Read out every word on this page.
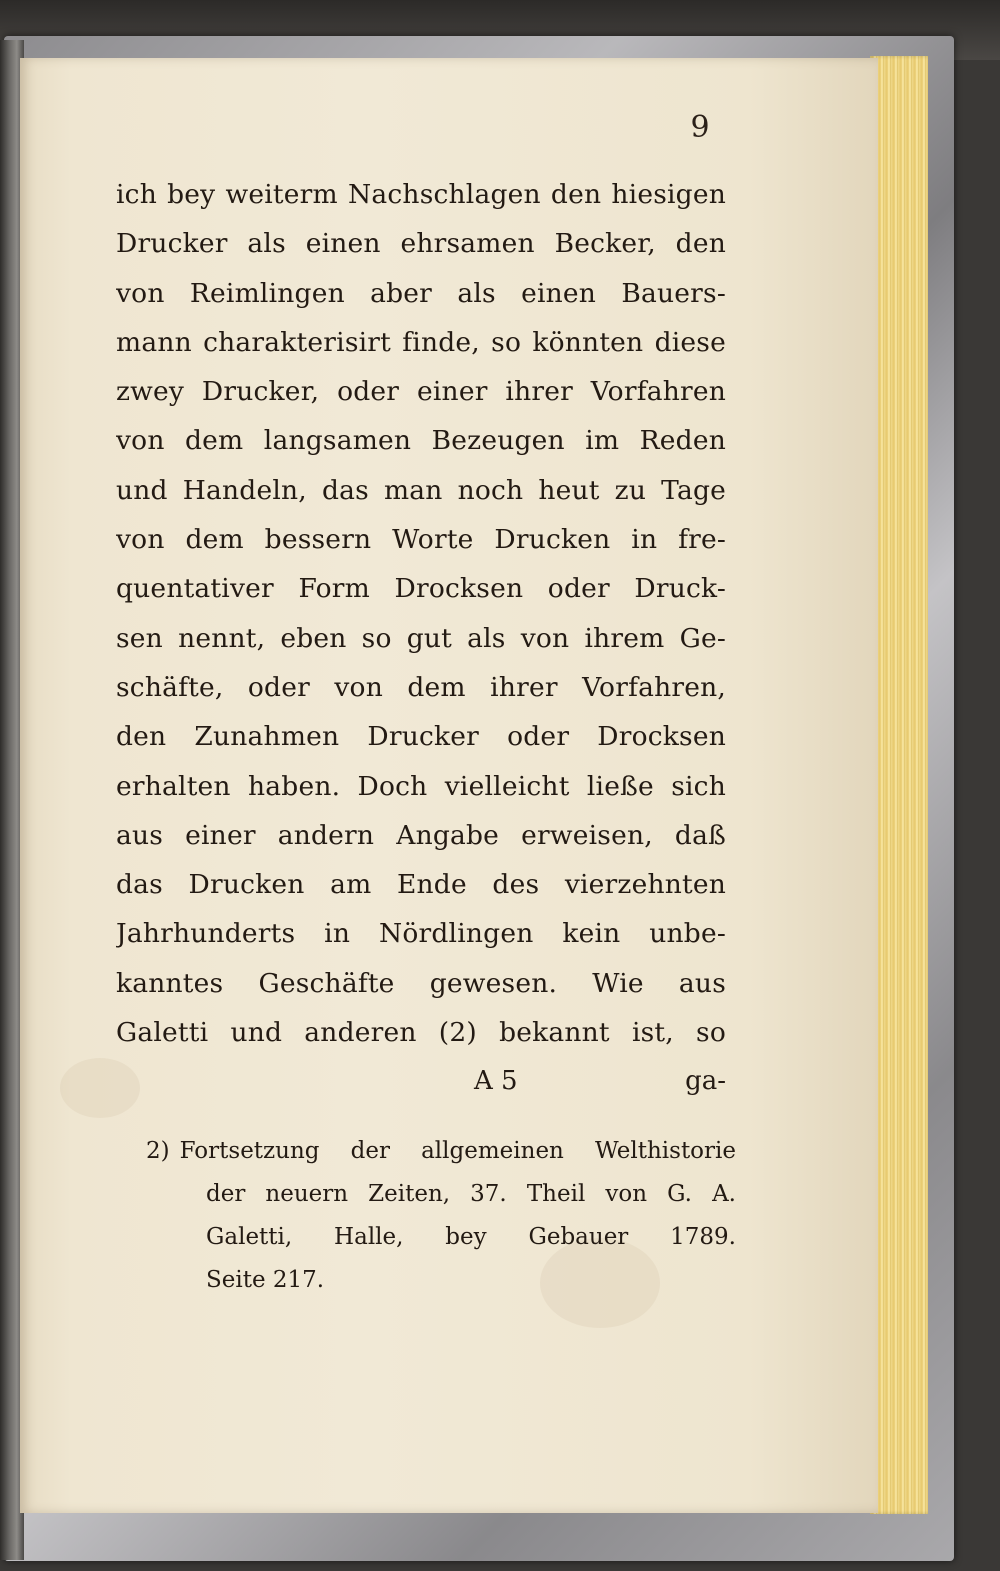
9
ich bey weiterm Nachschlagen den hiesigen
Drucker als einen ehrsamen Becker, den
von Reimlingen aber als einen Bauers-
mann charakterisirt finde, so könnten diese
zwey Drucker, oder einer ihrer Vorfahren
von dem langsamen Bezeugen im Reden
und Handeln, das man noch heut zu Tage
von dem bessern Worte Drucken in fre-
quentativer Form Drocksen oder Druck-
sen nennt, eben so gut als von ihrem Ge-
schäfte, oder von dem ihrer Vorfahren,
den Zunahmen Drucker oder Drocksen
erhalten haben. Doch vielleicht ließe sich
aus einer andern Angabe erweisen, daß
das Drucken am Ende des vierzehnten
Jahrhunderts in Nördlingen kein unbe-
kanntes Geschäfte gewesen. Wie aus
Galetti und anderen (2) bekannt ist, so
A 5	ga-
2) Fortsetzung der allgemeinen Welthistorie
der neuern Zeiten, 37. Theil von G. A.
Galetti, Halle, bey Gebauer 1789.
Seite 217.
